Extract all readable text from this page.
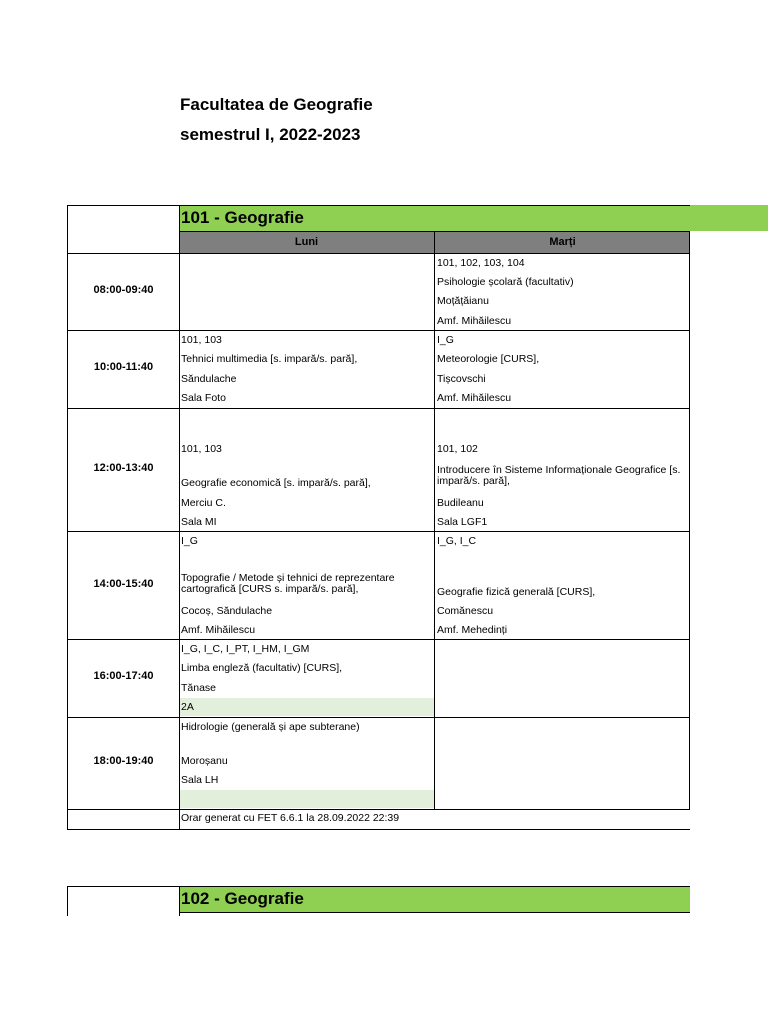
Facultatea de Geografie
semestrul I, 2022-2023
101 - Geografie
Luni	Marți
08:00-09:40
10:00-11:40
12:00-13:40
14:00-15:40
16:00-17:40
18:00-19:40
101, 102, 103, 104
Psihologie școlară (facultativ)
Moțățăianu
Amf. Mihăilescu
101, 103
Tehnici multimedia [s. impară/s. pară],
Săndulache
Sala Foto
I_G
Meteorologie [CURS],
Tișcovschi
Amf. Mihăilescu
101, 103
Geografie economică [s. impară/s. pară],
Merciu C.
Sala MI
101, 102
Introducere în Sisteme Informaționale Geografice [s. impară/s. pară],
Budileanu
Sala LGF1
I_G
Topografie / Metode și tehnici de reprezentare cartografică [CURS s. impară/s. pară],
Cocoș, Săndulache
Amf. Mihăilescu
I_G, I_C
Geografie fizică generală [CURS],
Comănescu
Amf. Mehedinți
I_G, I_C, I_PT, I_HM, I_GM
Limba engleză (facultativ) [CURS],
Tănase
2A
Hidrologie (generală și ape subterane)
Moroșanu
Sala LH
Orar generat cu FET 6.6.1 la 28.09.2022 22:39
102 - Geografie
